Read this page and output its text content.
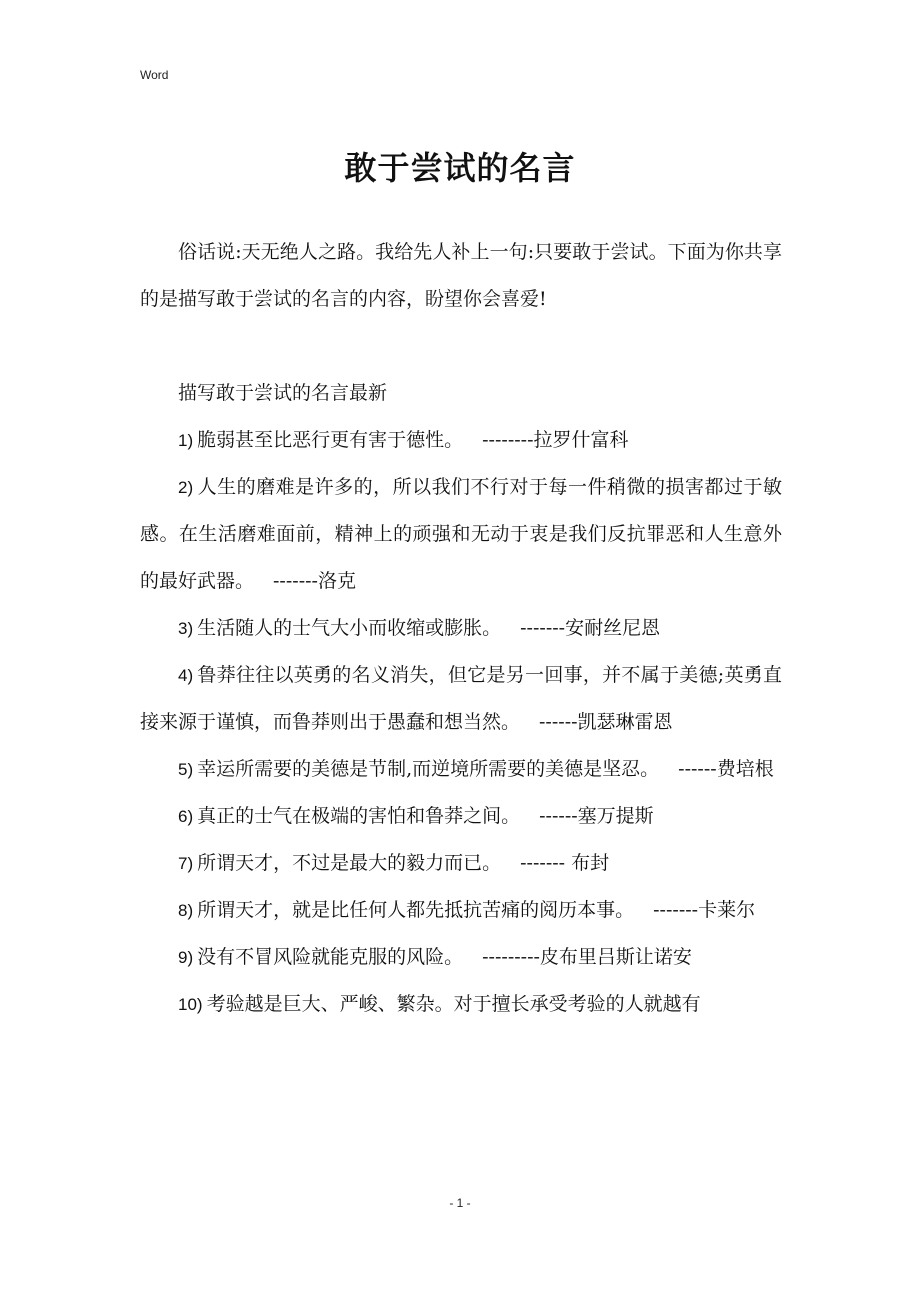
Word
敢于尝试的名言

俗话说:天无绝人之路。我给先人补上一句:只要敢于尝试。下面为你共享的是描写敢于尝试的名言的内容，盼望你会喜爱!

描写敢于尝试的名言最新

1) 脆弱甚至比恶行更有害于德性。  --------拉罗什富科

2) 人生的磨难是许多的，所以我们不行对于每一件稍微的损害都过于敏感。在生活磨难面前，精神上的顽强和无动于衷是我们反抗罪恶和人生意外的最好武器。  -------洛克

3) 生活随人的士气大小而收缩或膨胀。  -------安耐丝尼恩

4) 鲁莽往往以英勇的名义消失，但它是另一回事，并不属于美德;英勇直接来源于谨慎，而鲁莽则出于愚蠢和想当然。  ------凯瑟琳雷恩

5) 幸运所需要的美德是节制,而逆境所需要的美德是坚忍。  ------费培根

6) 真正的士气在极端的害怕和鲁莽之间。  ------塞万提斯

7) 所谓天才，不过是最大的毅力而已。  ------- 布封

8) 所谓天才，就是比任何人都先抵抗苦痛的阅历本事。  -------卡莱尔

9) 没有不冒风险就能克服的风险。  ---------皮布里吕斯让诺安

10) 考验越是巨大、严峻、繁杂。对于擅长承受考验的人就越有

- 1 -
